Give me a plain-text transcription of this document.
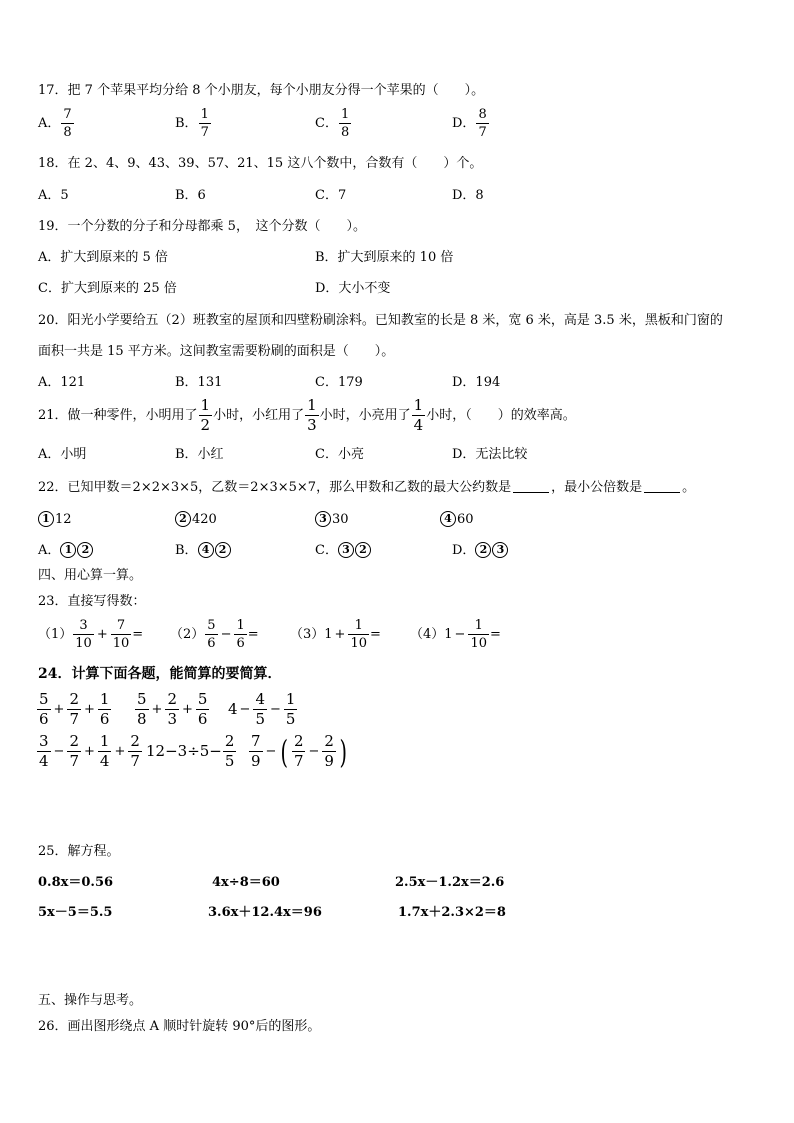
17．把 7 个苹果平均分给 8 个小朋友，每个小朋友分得一个苹果的（　　）。
A． $\frac{7}{8}$	B． $\frac{1}{7}$	C． $\frac{1}{8}$	D． $\frac{8}{7}$
18．在 2、4、9、43、39、57、21、15 这八个数中，合数有（　　）个。
A．5	B．6	C．7	D．8
19．一个分数的分子和分母都乘 5，　这个分数（　　）。
A．扩大到原来的 5 倍	B．扩大到原来的 10 倍
C．扩大到原来的 25 倍	D．大小不变
20．阳光小学要给五（2）班教室的屋顶和四壁粉刷涂料。已知教室的长是 8 米，宽 6 米，高是 3.5 米，黑板和门窗的
面积一共是 15 平方米。这间教室需要粉刷的面积是（　　）。
A．121	B．131	C．179	D．194
21．做一种零件，小明用了 $\frac{1}{2}$ 小时，小红用了 $\frac{1}{3}$ 小时，小亮用了 $\frac{1}{4}$ 小时，（　　）的效率高。
A．小明	B．小红	C．小亮	D．无法比较
22．已知甲数＝2×2×3×5，乙数＝2×3×5×7，那么甲数和乙数的最大公约数是	，最小公倍数是	。
1 12	2 420	3 30	4 60
A． 1 2	B． 4 2	C． 3 2	D． 2 3
四、用心算一算。
23．直接写得数：
$(1) \frac{3}{10} + \frac{7}{10} = (2) \frac{5}{6} - \frac{1}{6} = (3)1 + \frac{1}{10} = (4)1 - \frac{1}{10}$ =
24．计算下面各题，能简算的要简算．
$\frac{5}{6} + \frac{2}{7} + \frac{1}{6} \frac{5}{8} + \frac{2}{3} + \frac{5}{6} 4 - \frac{4}{5} - \frac{1}{5}$
$\frac{3}{4} - \frac{2}{7} + \frac{1}{4} + \frac{2}{7} 12-3\div 5- \frac{2}{5} \frac{7}{9}$ − ( $\frac{2}{7} - \frac{2}{9}$ )
25．解方程。
0.8x＝0.56	4x÷8＝60	2.5x－1.2x＝2.6
5x－5＝5.5	3.6x＋12.4x＝96	1.7x＋2.3×2＝8
五、操作与思考。
26．画出图形绕点 A 顺时针旋转 90°后的图形。
